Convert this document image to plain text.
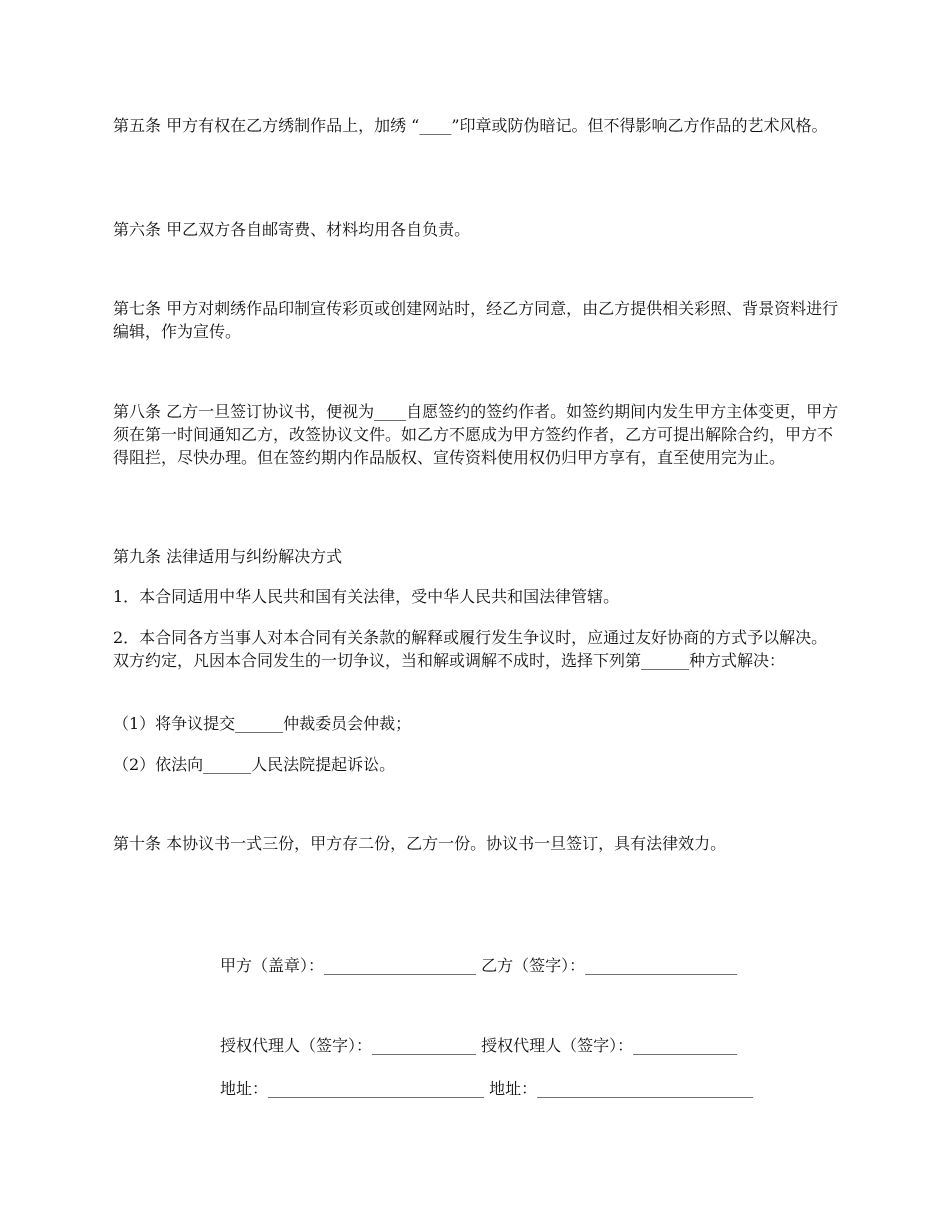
第五条 甲方有权在乙方绣制作品上，加绣 “____”印章或防伪暗记。但不得影响乙方作品的艺术风格。

第六条 甲乙双方各自邮寄费、材料均用各自负责。

第七条 甲方对刺绣作品印制宣传彩页或创建网站时，经乙方同意，由乙方提供相关彩照、背景资料进行编辑，作为宣传。

第八条 乙方一旦签订协议书，便视为____自愿签约的签约作者。如签约期间内发生甲方主体变更，甲方须在第一时间通知乙方，改签协议文件。如乙方不愿成为甲方签约作者，乙方可提出解除合约，甲方不得阻拦，尽快办理。但在签约期内作品版权、宣传资料使用权仍归甲方享有，直至使用完为止。

第九条 法律适用与纠纷解决方式

1．本合同适用中华人民共和国有关法律，受中华人民共和国法律管辖。

2．本合同各方当事人对本合同有关条款的解释或履行发生争议时，应通过友好协商的方式予以解决。双方约定，凡因本合同发生的一切争议，当和解或调解不成时，选择下列第______种方式解决：

（1）将争议提交______仲裁委员会仲裁；

（2）依法向______人民法院提起诉讼。

第十条 本协议书一式三份，甲方存二份，乙方一份。协议书一旦签订，具有法律效力。

甲方（盖章）：___________________ 乙方（签字）：___________________
授权代理人（签字）：_____________ 授权代理人（签字）：_____________
地址：___________________________ 地址：___________________________
